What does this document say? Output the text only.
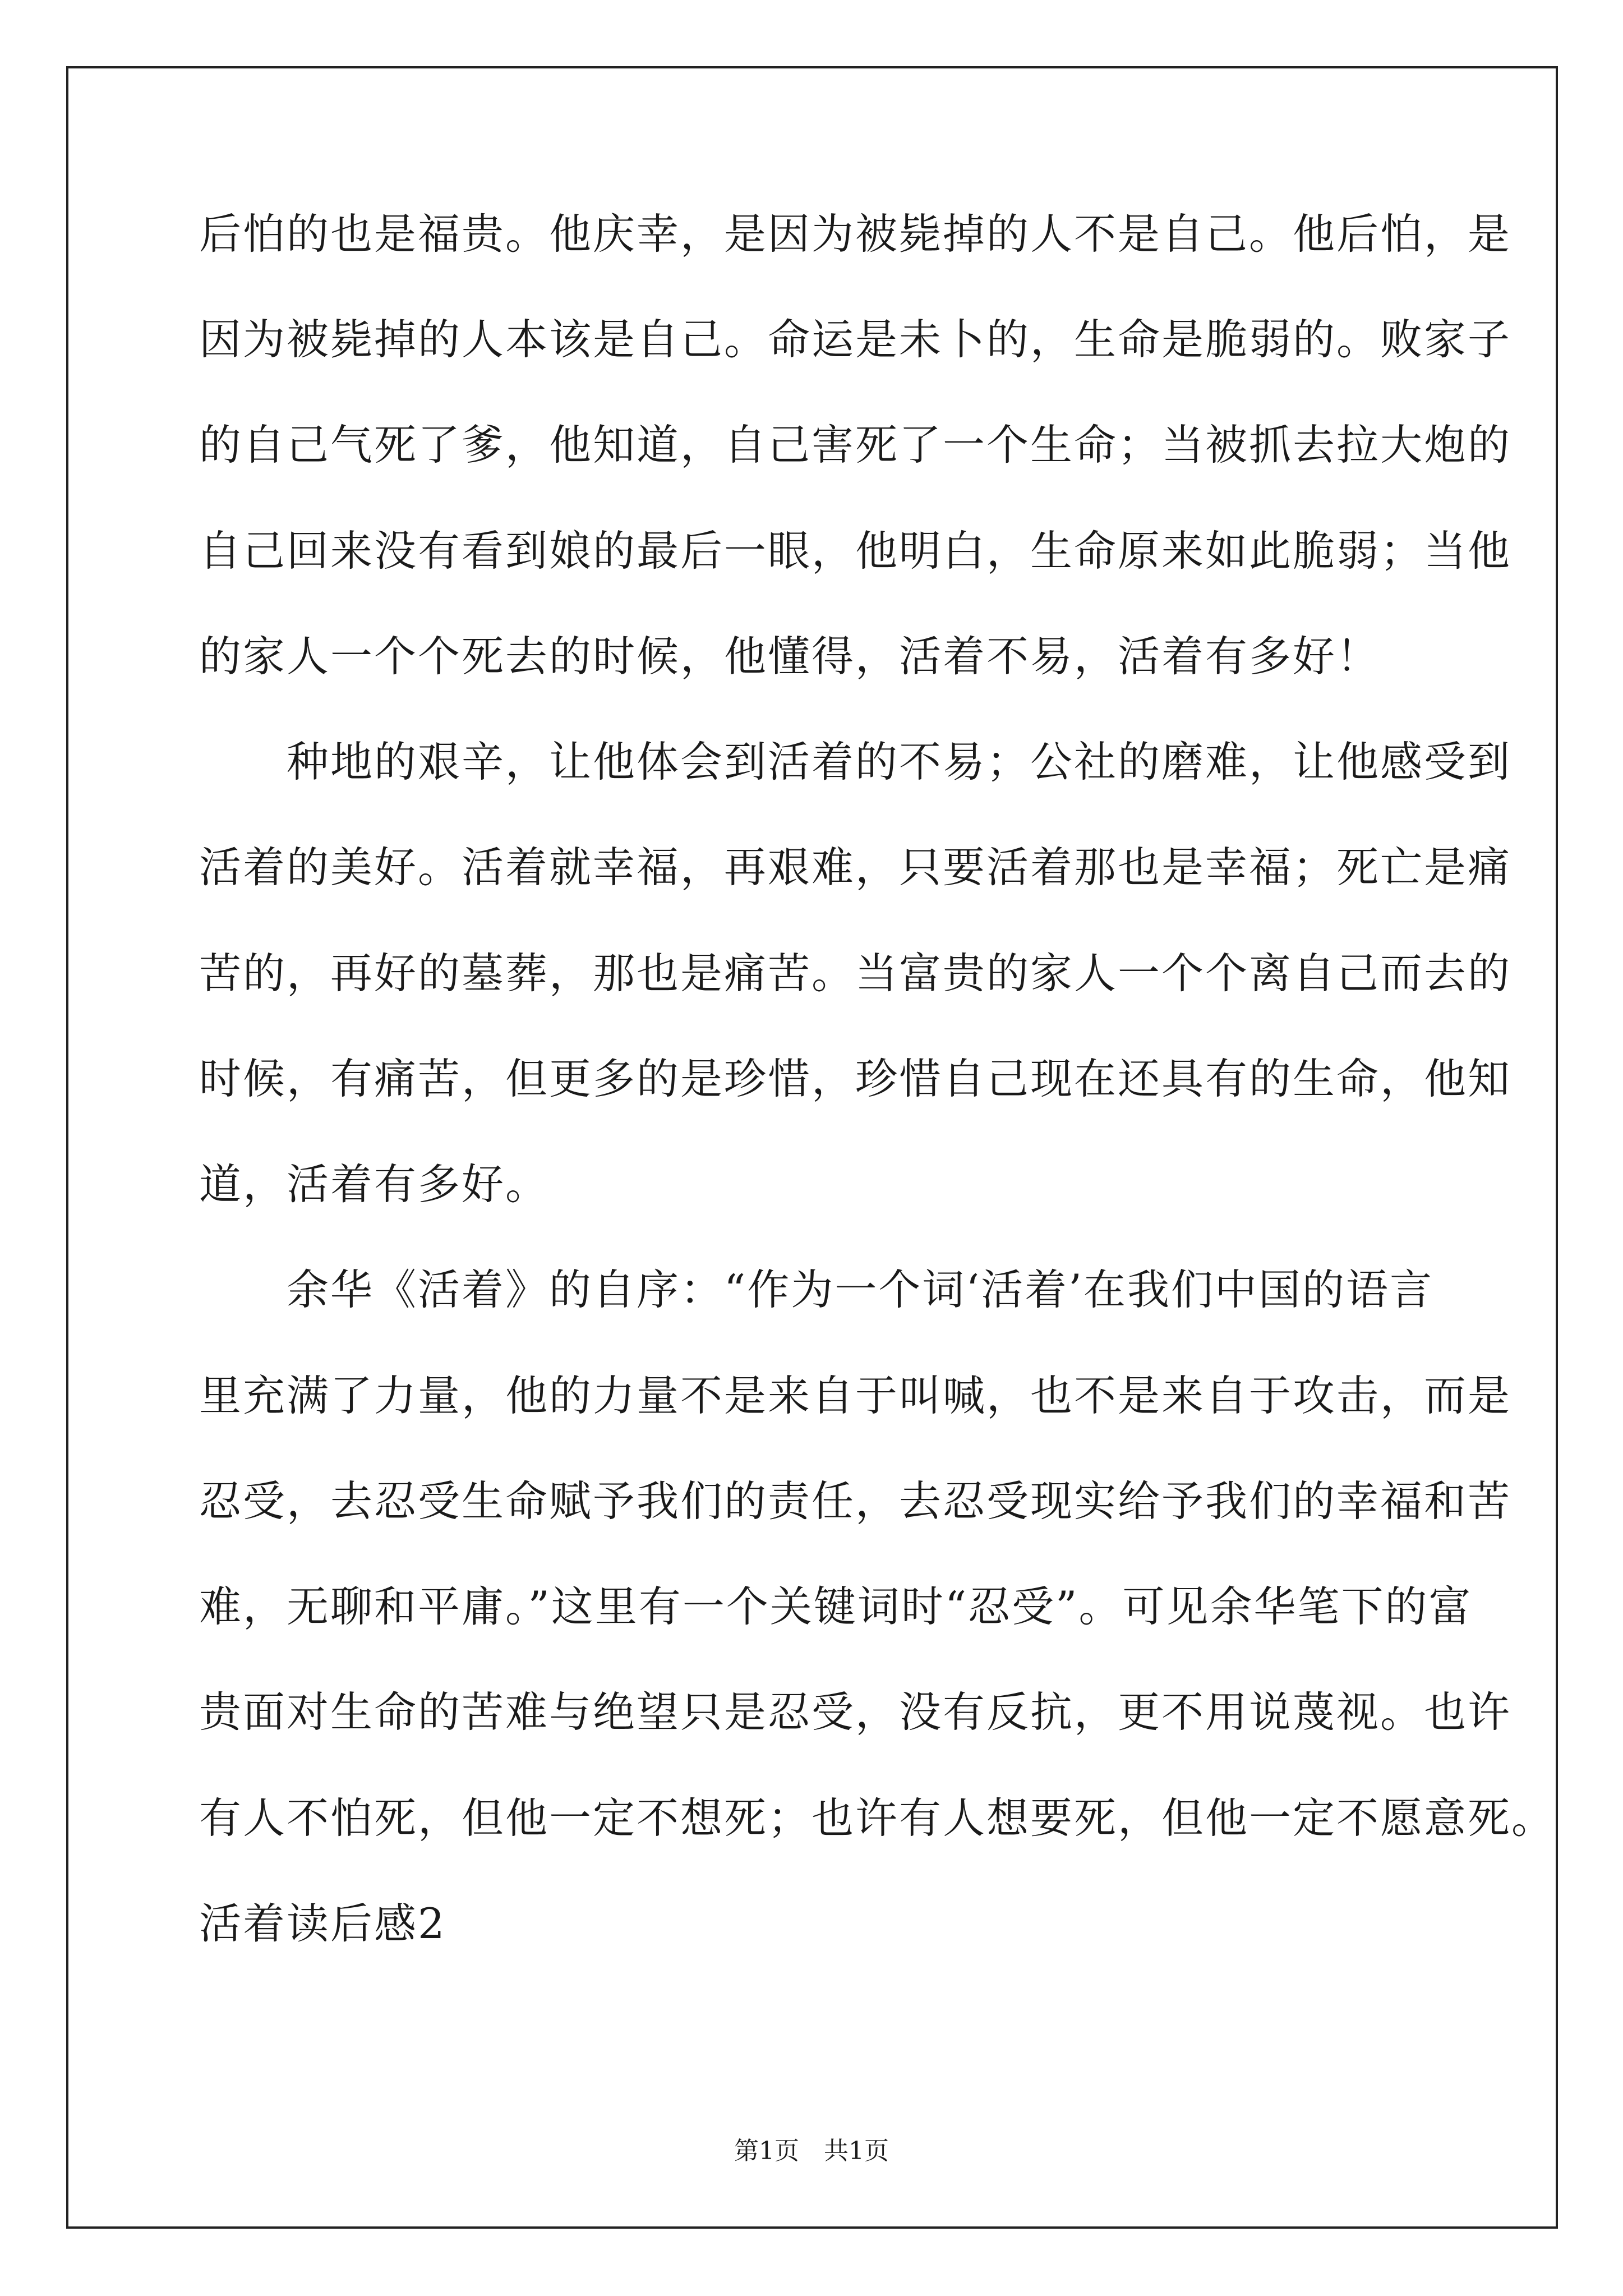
后怕的也是福贵。他庆幸，是因为被毙掉的人不是自己。他后怕，是
因为被毙掉的人本该是自己。命运是未卜的，生命是脆弱的。败家子
的自己气死了爹，他知道，自己害死了一个生命；当被抓去拉大炮的
自己回来没有看到娘的最后一眼，他明白，生命原来如此脆弱；当他
的家人一个个死去的时候，他懂得，活着不易，活着有多好！
　　种地的艰辛，让他体会到活着的不易；公社的磨难，让他感受到
活着的美好。活着就幸福，再艰难，只要活着那也是幸福；死亡是痛
苦的，再好的墓葬，那也是痛苦。当富贵的家人一个个离自己而去的
时候，有痛苦，但更多的是珍惜，珍惜自己现在还具有的生命，他知
道，活着有多好。
　　余华《活着》的自序：“作为一个词‘活着’在我们中国的语言
里充满了力量，他的力量不是来自于叫喊，也不是来自于攻击，而是
忍受，去忍受生命赋予我们的责任，去忍受现实给予我们的幸福和苦
难，无聊和平庸。”这里有一个关键词时“忍受”。可见余华笔下的富
贵面对生命的苦难与绝望只是忍受，没有反抗，更不用说蔑视。也许
有人不怕死，但他一定不想死；也许有人想要死，但他一定不愿意死。
活着读后感2
第1页　共1页
